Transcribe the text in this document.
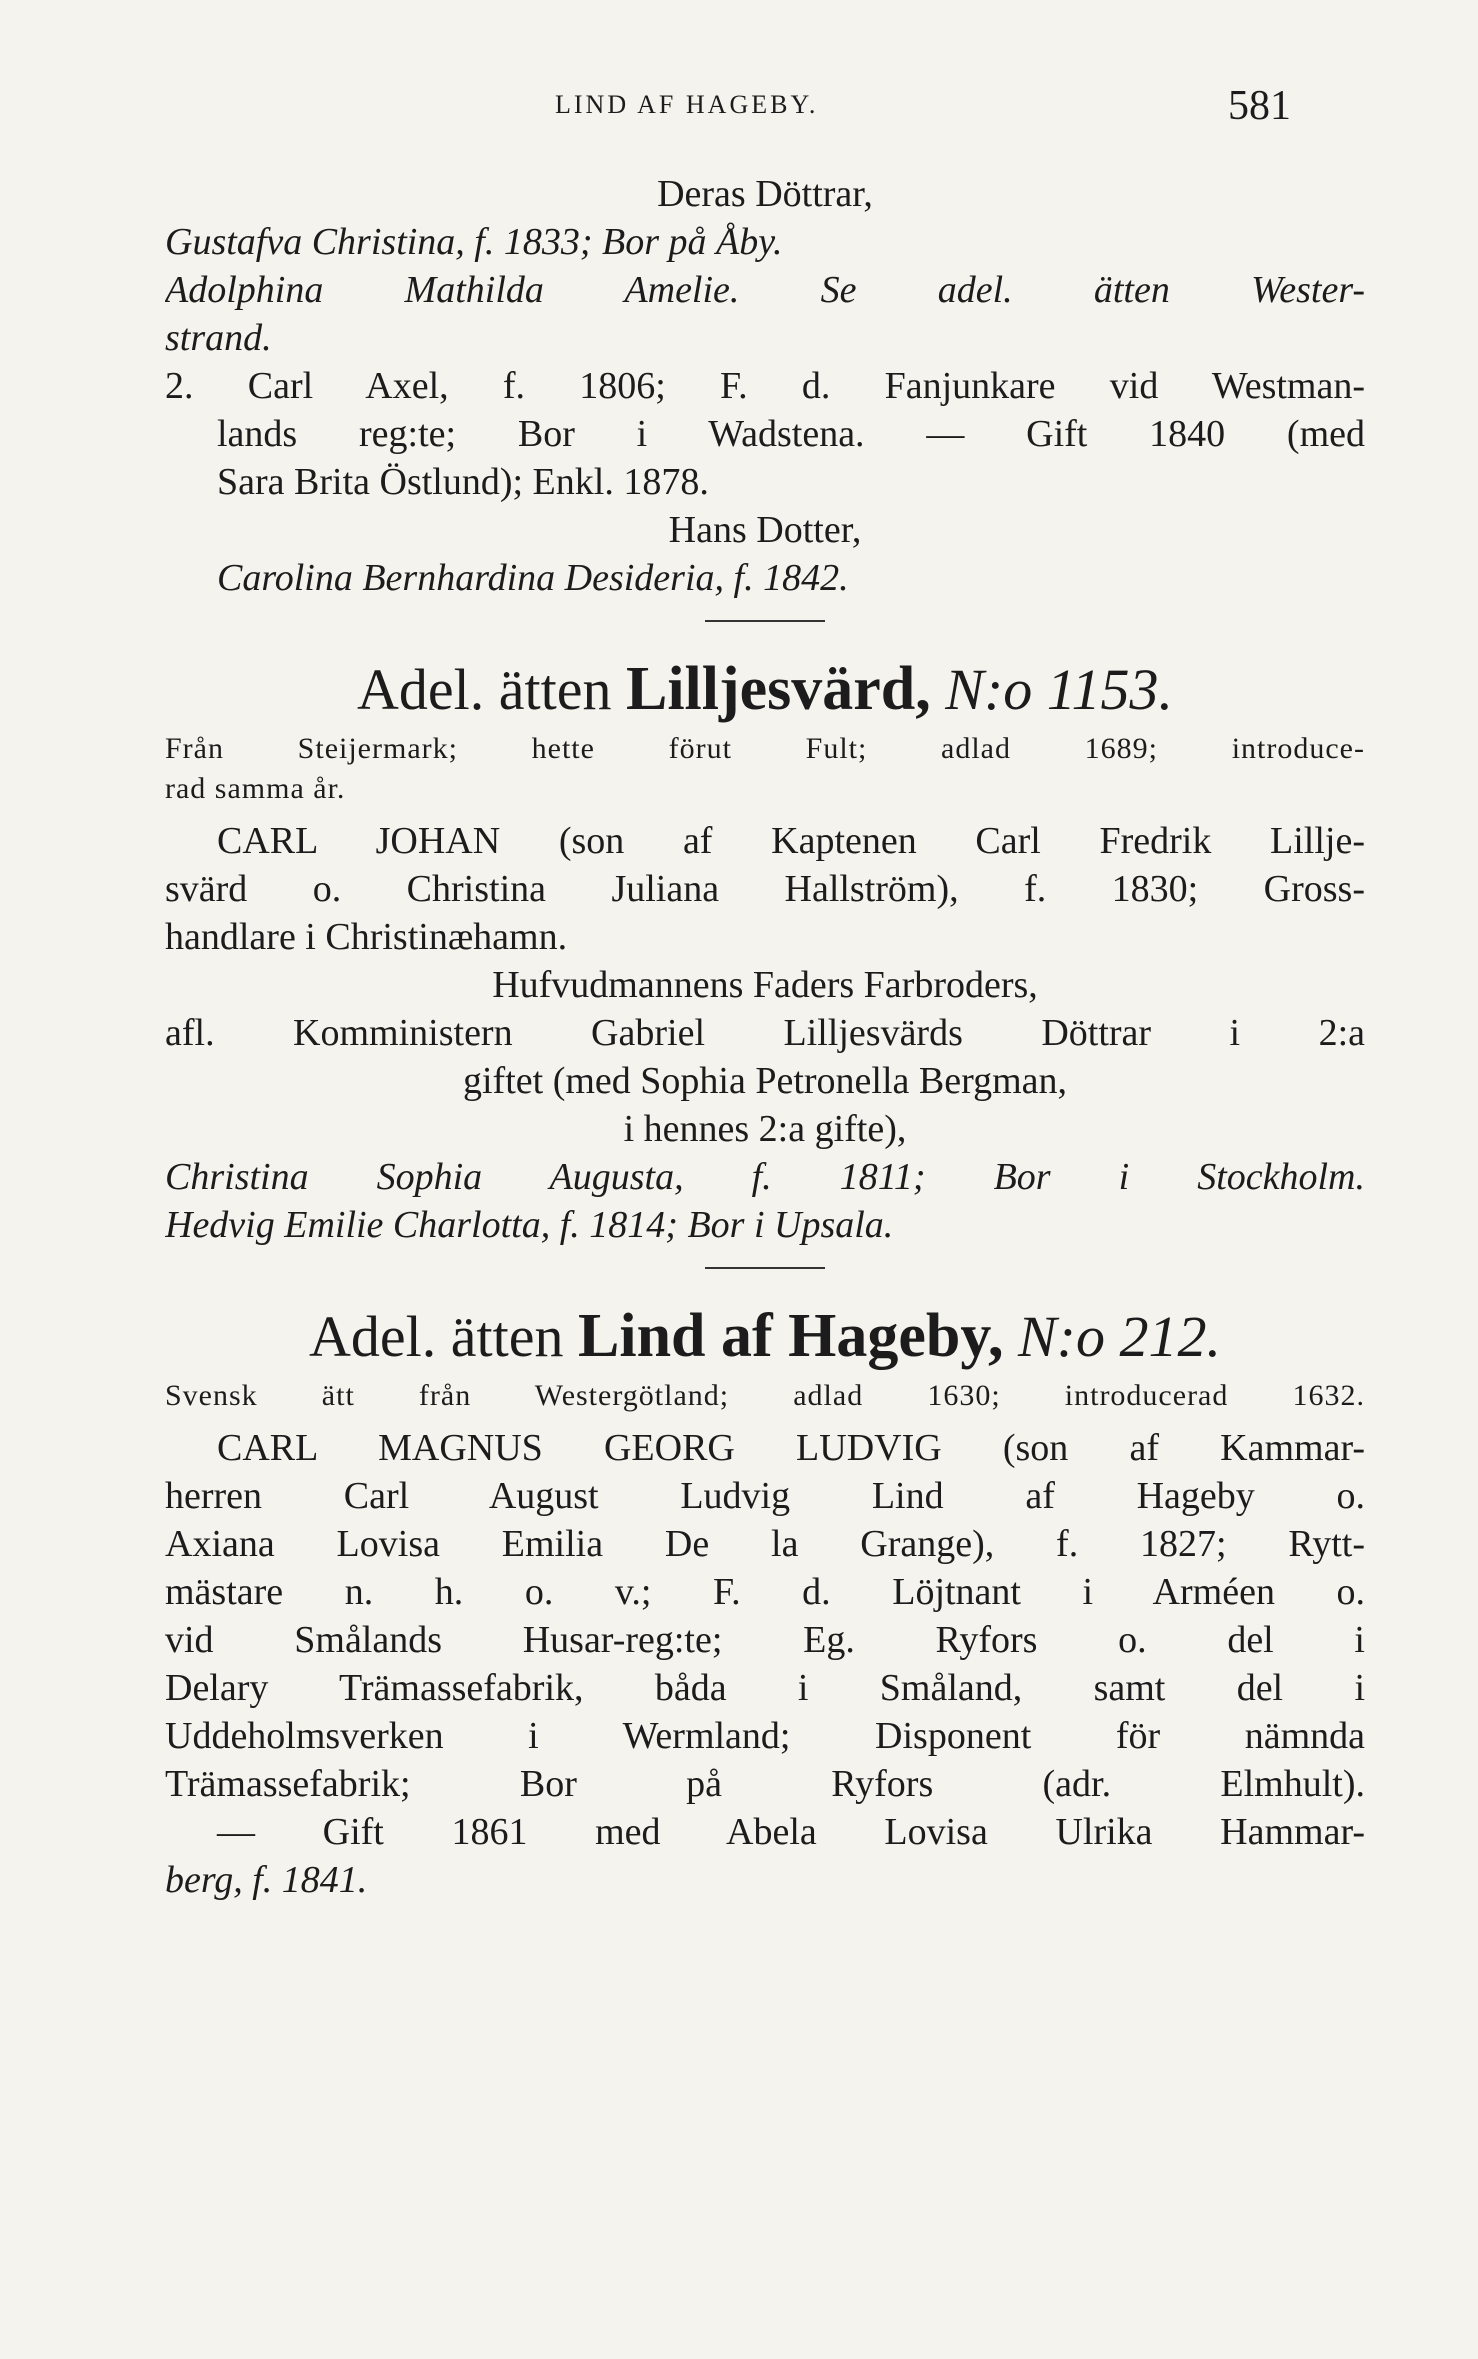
LIND AF HAGEBY.	581
Deras Döttrar,
Gustafva Christina, f. 1833; Bor på Åby.
Adolphina Mathilda Amelie. Se adel. ätten Wester-
strand.
2. Carl Axel, f. 1806; F. d. Fanjunkare vid Westman-
lands reg:te; Bor i Wadstena. — Gift 1840 (med
Sara Brita Östlund); Enkl. 1878.
Hans Dotter,
Carolina Bernhardina Desideria, f. 1842.
Adel. ätten Lilljesvärd, N:o 1153.
Från Steijermark; hette förut Fult; adlad 1689; introduce-
rad samma år.
CARL JOHAN (son af Kaptenen Carl Fredrik Lillje-
svärd o. Christina Juliana Hallström), f. 1830; Gross-
handlare i Christinæhamn.
Hufvudmannens Faders Farbroders,
afl. Komministern Gabriel Lilljesvärds Döttrar i 2:a
giftet (med Sophia Petronella Bergman,
i hennes 2:a gifte),
Christina Sophia Augusta, f. 1811; Bor i Stockholm.
Hedvig Emilie Charlotta, f. 1814; Bor i Upsala.
Adel. ätten Lind af Hageby, N:o 212.
Svensk ätt från Westergötland; adlad 1630; introducerad 1632.
CARL MAGNUS GEORG LUDVIG (son af Kammar-
herren Carl August Ludvig Lind af Hageby o.
Axiana Lovisa Emilia De la Grange), f. 1827; Rytt-
mästare n. h. o. v.; F. d. Löjtnant i Arméen o.
vid Smålands Husar-reg:te; Eg. Ryfors o. del i
Delary Trämassefabrik, båda i Småland, samt del i
Uddeholmsverken i Wermland; Disponent för nämnda
Trämassefabrik; Bor på Ryfors (adr. Elmhult).
— Gift 1861 med Abela Lovisa Ulrika Hammar-
berg, f. 1841.
